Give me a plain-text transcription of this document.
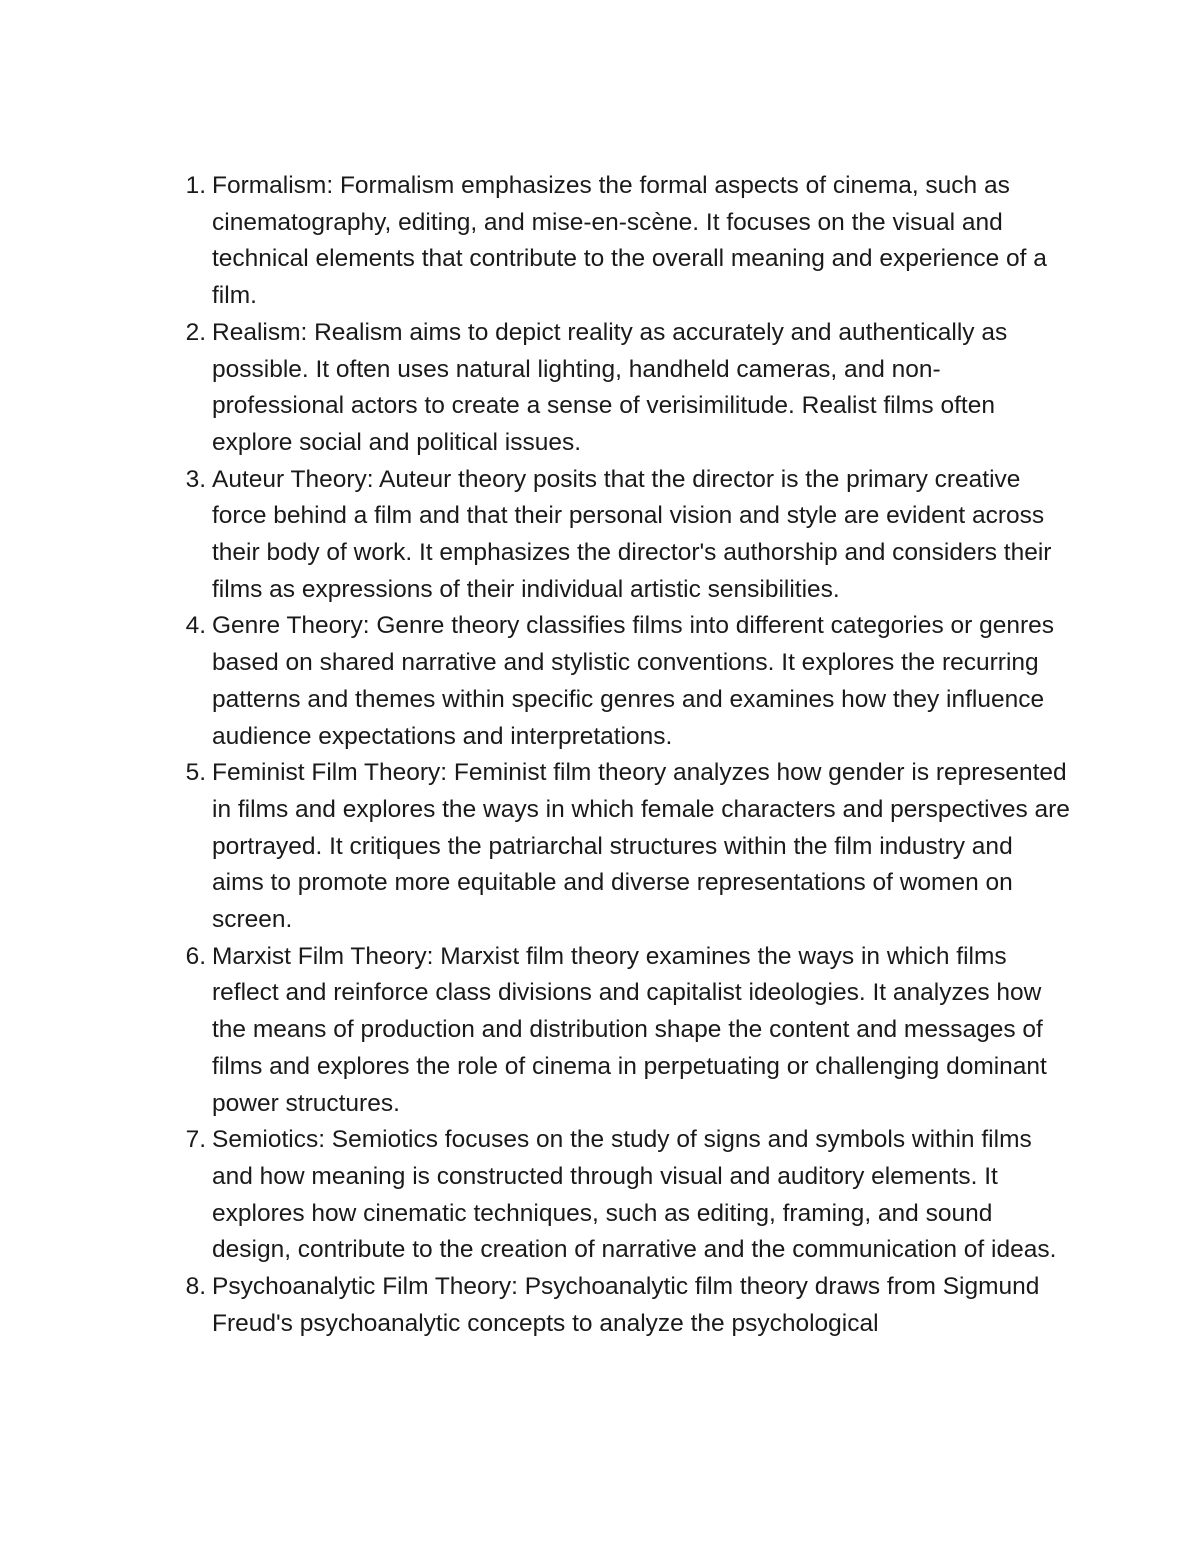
1. Formalism: Formalism emphasizes the formal aspects of cinema, such as cinematography, editing, and mise-en-scène. It focuses on the visual and technical elements that contribute to the overall meaning and experience of a film.
2. Realism: Realism aims to depict reality as accurately and authentically as possible. It often uses natural lighting, handheld cameras, and non-professional actors to create a sense of verisimilitude. Realist films often explore social and political issues.
3. Auteur Theory: Auteur theory posits that the director is the primary creative force behind a film and that their personal vision and style are evident across their body of work. It emphasizes the director's authorship and considers their films as expressions of their individual artistic sensibilities.
4. Genre Theory: Genre theory classifies films into different categories or genres based on shared narrative and stylistic conventions. It explores the recurring patterns and themes within specific genres and examines how they influence audience expectations and interpretations.
5. Feminist Film Theory: Feminist film theory analyzes how gender is represented in films and explores the ways in which female characters and perspectives are portrayed. It critiques the patriarchal structures within the film industry and aims to promote more equitable and diverse representations of women on screen.
6. Marxist Film Theory: Marxist film theory examines the ways in which films reflect and reinforce class divisions and capitalist ideologies. It analyzes how the means of production and distribution shape the content and messages of films and explores the role of cinema in perpetuating or challenging dominant power structures.
7. Semiotics: Semiotics focuses on the study of signs and symbols within films and how meaning is constructed through visual and auditory elements. It explores how cinematic techniques, such as editing, framing, and sound design, contribute to the creation of narrative and the communication of ideas.
8. Psychoanalytic Film Theory: Psychoanalytic film theory draws from Sigmund Freud's psychoanalytic concepts to analyze the psychological
